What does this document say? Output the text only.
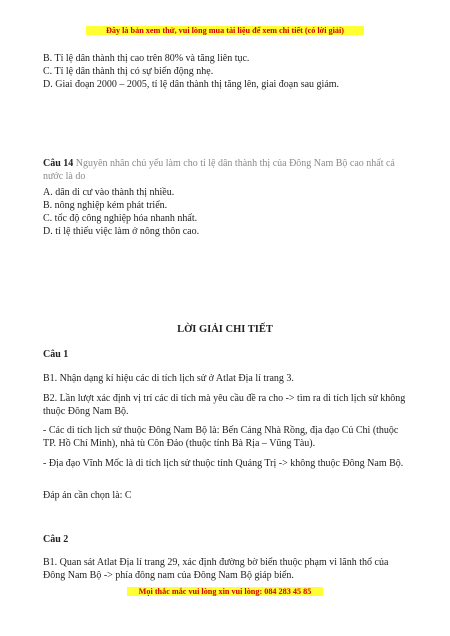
Đây là bản xem thử, vui lòng mua tài liệu để xem chi tiết (có lời giải)
B. Tỉ lệ dân thành thị cao trên 80% và tăng liên tục.
C. Tỉ lệ dân thành thị có sự biến động nhẹ.
D. Giai đoạn 2000 – 2005, tỉ lệ dân thành thị tăng lên, giai đoạn sau giảm.
Câu 14 Nguyên nhân chủ yếu làm cho tỉ lệ dân thành thị của Đông Nam Bộ cao nhất cả nước là do
A. dân di cư vào thành thị nhiều.
B. nông nghiệp kém phát triển.
C. tốc độ công nghiệp hóa nhanh nhất.
D. tỉ lệ thiếu việc làm ở nông thôn cao.
LỜI GIẢI CHI TIẾT
Câu 1
B1. Nhận dạng kí hiệu các di tích lịch sử ở Atlat Địa lí trang 3.
B2. Lần lượt xác định vị trí các di tích mà yêu cầu đề ra cho -> tìm ra di tích lịch sử không thuộc Đông Nam Bộ.
- Các di tích lịch sử thuộc Đông Nam Bộ là: Bến Cảng Nhà Rồng, địa đạo Củ Chi (thuộc TP. Hồ Chí Minh), nhà tù Côn Đảo (thuộc tỉnh Bà Rịa – Vũng Tàu).
- Địa đạo Vĩnh Mốc là di tích lịch sử thuộc tỉnh Quảng Trị -> không thuộc Đông Nam Bộ.
Đáp án cần chọn là: C
Câu 2
B1. Quan sát Atlat Địa lí trang 29, xác định đường bờ biển thuộc phạm vi lãnh thổ của Đông Nam Bộ -> phía đông nam của Đông Nam Bộ giáp biển.
Mọi thắc mắc vui lòng xin vui lòng: 084 283 45 85
